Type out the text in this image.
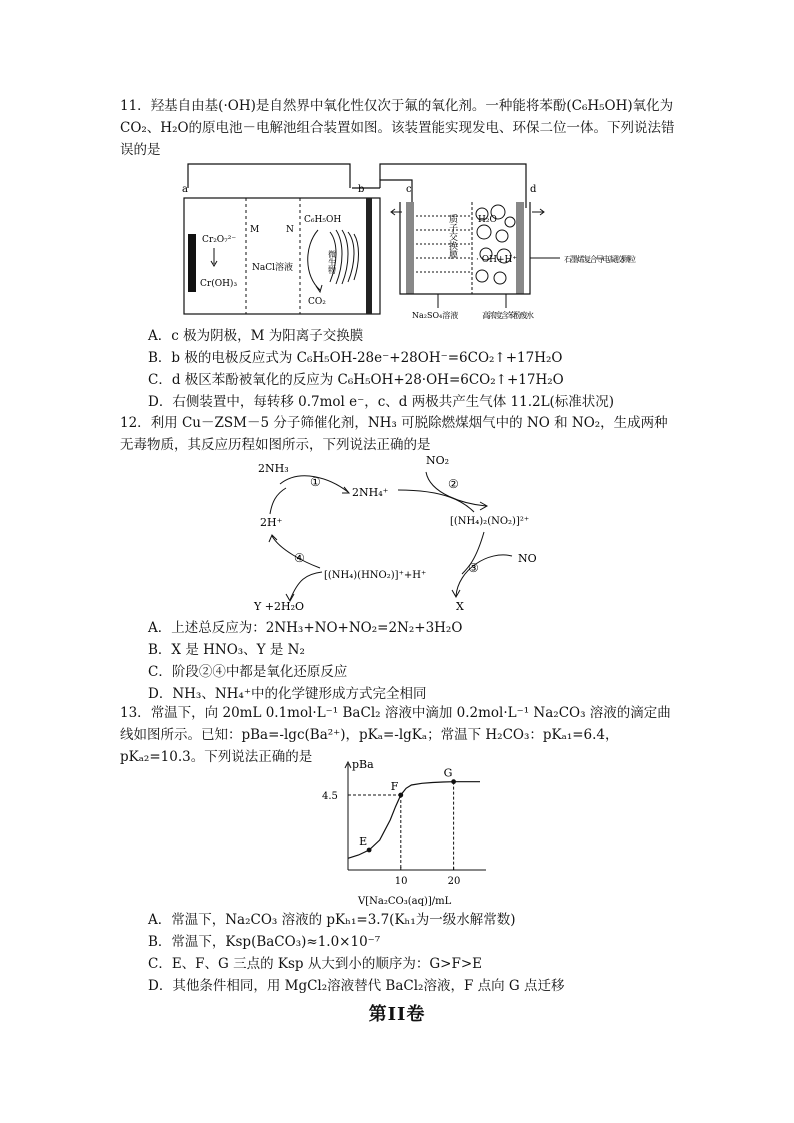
11．羟基自由基(·OH)是自然界中氧化性仅次于氟的氧化剂。一种能将苯酚(C₆H₅OH)氧化为CO₂、H₂O的原电池－电解池组合装置如图。该装置能实现发电、环保二位一体。下列说法错误的是
a	b	c	d
Cr₂O₇²⁻
Cr(OH)₃
M	N
NaCl溶液
C₆H₅OH
微生物
CO₂
质子交换膜 H₂O
· OH+H⁺	石墨烯复合导电凝胶颗粒
Na₂SO₄溶液	高浓度含苯酚废水
A．c 极为阴极，M 为阳离子交换膜
B．b 极的电极反应式为 C₆H₅OH-28e⁻+28OH⁻=6CO₂↑+17H₂O
C．d 极区苯酚被氧化的反应为 C₆H₅OH+28·OH=6CO₂↑+17H₂O
D．右侧装置中，每转移 0.7mol e⁻，c、d 两极共产生气体 11.2L(标准状况)
12．利用 Cu－ZSM－5 分子筛催化剂，NH₃ 可脱除燃煤烟气中的 NO 和 NO₂，生成两种无毒物质，其反应历程如图所示，下列说法正确的是
2NH₃
①
2NH₄⁺
NO₂
②
[(NH₄)₂(NO₂)]²⁺
NO
③
X
[(NH₄)(HNO₂)]⁺+H⁺
④
2H⁺
Y +2H₂O
A．上述总反应为：2NH₃+NO+NO₂=2N₂+3H₂O
B．X 是 HNO₃、Y 是 N₂
C．阶段②④中都是氧化还原反应
D．NH₃、NH₄⁺中的化学键形成方式完全相同
13．常温下，向 20mL 0.1mol·L⁻¹ BaCl₂ 溶液中滴加 0.2mol·L⁻¹ Na₂CO₃ 溶液的滴定曲线如图所示。已知：pBa=-lgc(Ba²⁺)，pKₐ=-lgKₐ；常温下 H₂CO₃：pKₐ₁=6.4，pKₐ₂=10.3。下列说法正确的是	pBa
V[Na₂CO₃(aq)]/mL
10	20
4.5
E
F
G
A．常温下，Na₂CO₃ 溶液的 pKₕ₁=3.7(Kₕ₁为一级水解常数)
B．常温下，Ksp(BaCO₃)≈1.0×10⁻⁷
C．E、F、G 三点的 Ksp 从大到小的顺序为：G>F>E
D．其他条件相同，用 MgCl₂溶液替代 BaCl₂溶液，F 点向 G 点迁移
第II卷
